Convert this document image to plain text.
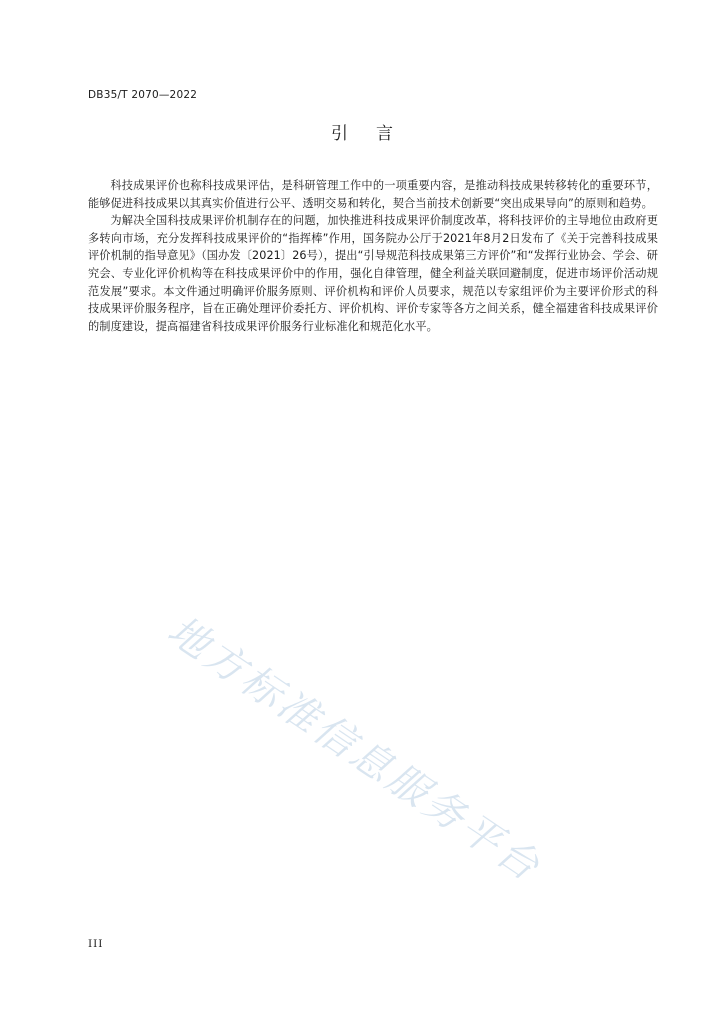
DB35/T 2070—2022
引言

科技成果评价也称科技成果评估，是科研管理工作中的一项重要内容，是推动科技成果转移转化的重要环节，能够促进科技成果以其真实价值进行公平、透明交易和转化，契合当前技术创新要“突出成果导向”的原则和趋势。

为解决全国科技成果评价机制存在的问题，加快推进科技成果评价制度改革，将科技评价的主导地位由政府更多转向市场，充分发挥科技成果评价的“指挥棒”作用，国务院办公厅于2021年8月2日发布了《关于完善科技成果评价机制的指导意见》（国办发〔2021〕26号），提出“引导规范科技成果第三方评价”和“发挥行业协会、学会、研究会、专业化评价机构等在科技成果评价中的作用，强化自律管理，健全利益关联回避制度，促进市场评价活动规范发展”要求。本文件通过明确评价服务原则、评价机构和评价人员要求，规范以专家组评价为主要评价形式的科技成果评价服务程序，旨在正确处理评价委托方、评价机构、评价专家等各方之间关系，健全福建省科技成果评价的制度建设，提高福建省科技成果评价服务行业标准化和规范化水平。

地方标准信息服务平台
III
